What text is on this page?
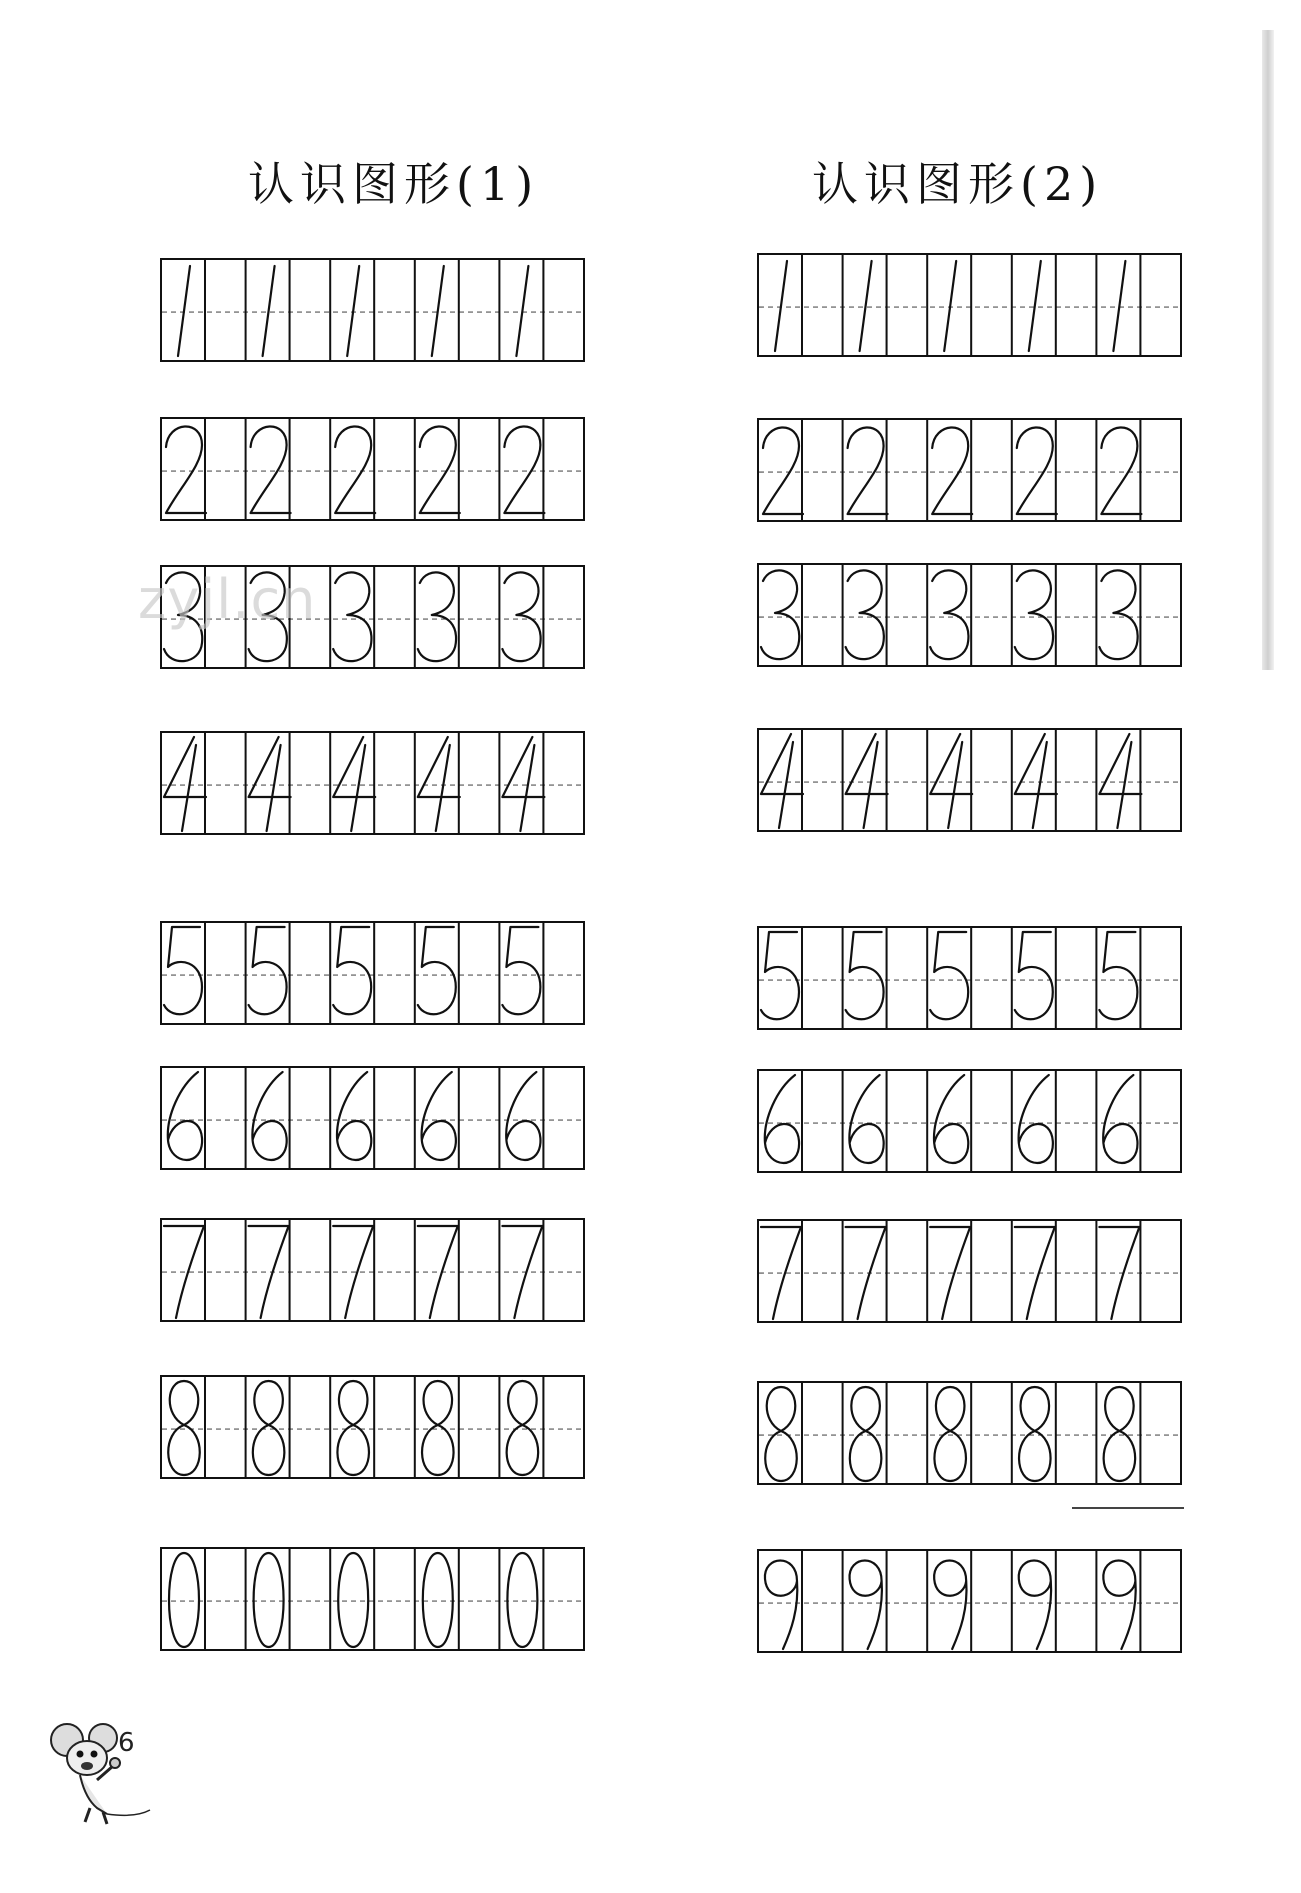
认识图形(1)	认识图形(2)
zyjl.cn
6
